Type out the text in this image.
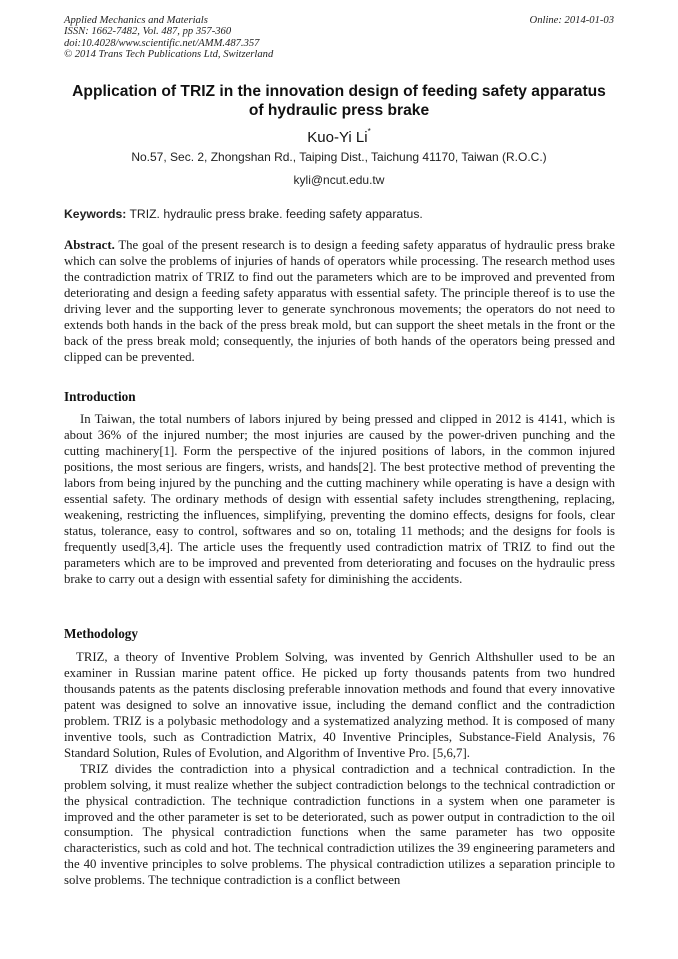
Applied Mechanics and Materials
ISSN: 1662-7482, Vol. 487, pp 357-360
doi:10.4028/www.scientific.net/AMM.487.357
© 2014 Trans Tech Publications Ltd, Switzerland
Online: 2014-01-03
Application of TRIZ in the innovation design of feeding safety apparatus
of hydraulic press brake
Kuo-Yi Li*
No.57, Sec. 2, Zhongshan Rd., Taiping Dist., Taichung 41170, Taiwan (R.O.C.)
kyli@ncut.edu.tw
Keywords: TRIZ. hydraulic press brake. feeding safety apparatus.

Abstract. The goal of the present research is to design a feeding safety apparatus of hydraulic press brake which can solve the problems of injuries of hands of operators while processing. The research method uses the contradiction matrix of TRIZ to find out the parameters which are to be improved and prevented from deteriorating and design a feeding safety apparatus with essential safety. The principle thereof is to use the driving lever and the supporting lever to generate synchronous movements; the operators do not need to extends both hands in the back of the press break mold, but can support the sheet metals in the front or the back of the press break mold; consequently, the injuries of both hands of the operators being pressed and clipped can be prevented.

Introduction

In Taiwan, the total numbers of labors injured by being pressed and clipped in 2012 is 4141, which is about 36% of the injured number; the most injuries are caused by the power-driven punching and the cutting machinery[1]. Form the perspective of the injured positions of labors, in the common injured positions, the most serious are fingers, wrists, and hands[2]. The best protective method of preventing the labors from being injured by the punching and the cutting machinery while operating is have a design with essential safety. The ordinary methods of design with essential safety includes strengthening, replacing, weakening, restricting the influences, simplifying, preventing the domino effects, designs for fools, clear status, tolerance, easy to control, softwares and so on, totaling 11 methods; and the designs for fools is frequently used[3,4]. The article uses the frequently used contradiction matrix of TRIZ to find out the parameters which are to be improved and prevented from deteriorating and focuses on the hydraulic press brake to carry out a design with essential safety for diminishing the accidents.

Methodology

TRIZ, a theory of Inventive Problem Solving, was invented by Genrich Althshuller used to be an examiner in Russian marine patent office. He picked up forty thousands patents from two hundred thousands patents as the patents disclosing preferable innovation methods and found that every innovative patent was designed to solve an innovative issue, including the demand conflict and the contradiction problem. TRIZ is a polybasic methodology and a systematized analyzing method. It is composed of many inventive tools, such as Contradiction Matrix, 40 Inventive Principles, Substance-Field Analysis, 76 Standard Solution, Rules of Evolution, and Algorithm of Inventive Pro. [5,6,7].

TRIZ divides the contradiction into a physical contradiction and a technical contradiction. In the problem solving, it must realize whether the subject contradiction belongs to the technical contradiction or the physical contradiction. The technique contradiction functions in a system when one parameter is improved and the other parameter is set to be deteriorated, such as power output in contradiction to the oil consumption. The physical contradiction functions when the same parameter has two opposite characteristics, such as cold and hot. The technical contradiction utilizes the 39 engineering parameters and the 40 inventive principles to solve problems. The physical contradiction utilizes a separation principle to solve problems. The technique contradiction is a conflict between
